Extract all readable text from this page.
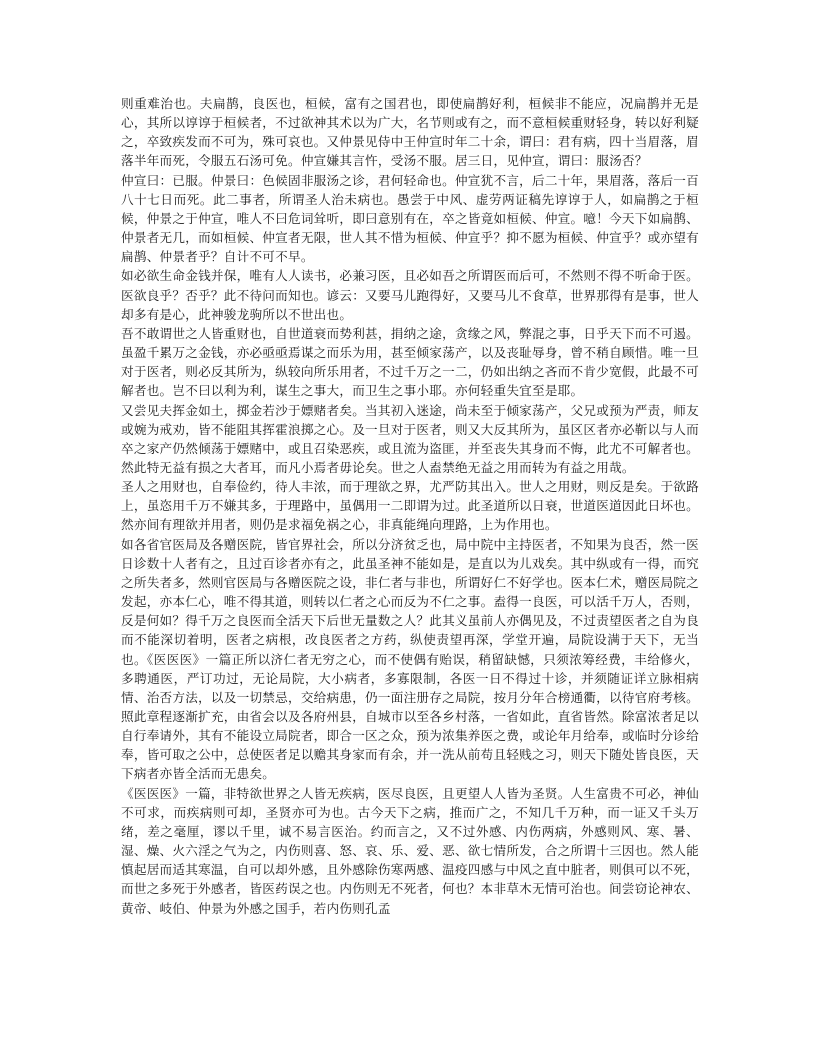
则重难治也。夫扁鹊，良医也，桓候，富有之国君也，即使扁鹊好利，桓候非不能应，况扁鹊并无是心，其所以谆谆于桓候者，不过欲神其术以为广大，名节则或有之，而不意桓候重财轻身，转以好利疑之，卒致疾发而不可为，殊可哀也。又仲景见侍中王仲宣时年二十余，谓曰：君有病，四十当眉落，眉落半年而死，令服五石汤可免。仲宣嫌其言忤，受汤不服。居三日，见仲宣，谓曰：服汤否？

仲宣曰：已服。仲景曰：色候固非服汤之诊，君何轻命也。仲宣犹不言，后二十年，果眉落，落后一百八十七日而死。此二事者，所谓圣人治未病也。愚尝于中风、虚劳两证稿先谆谆于人，如扁鹊之于桓候，仲景之于仲宣，唯人不曰危词耸听，即曰意别有在，卒之皆竟如桓候、仲宣。噫！今天下如扁鹊、仲景者无几，而如桓候、仲宣者无限，世人其不惜为桓候、仲宣乎？抑不愿为桓候、仲宣乎？或亦望有扁鹊、仲景者乎？自计不可不早。

如必欲生命金钱并保，唯有人人读书，必兼习医，且必如吾之所谓医而后可，不然则不得不听命于医。医欲良乎？否乎？此不待问而知也。谚云：又要马儿跑得好，又要马儿不食草，世界那得有是事，世人却多有是心，此神骏龙驹所以不世出也。

吾不敢谓世之人皆重财也，自世道衰而势利甚，捐纳之途，贪缘之风，弊混之事，日乎天下而不可遏。虽盈千累万之金钱，亦必亟亟焉谋之而乐为用，甚至倾家荡产，以及丧耻辱身，曾不稍自顾惜。唯一旦对于医者，则必反其所为，纵较向所乐用者，不过千万之一二，仍如出纳之吝而不肯少宽假，此最不可解者也。岂不曰以利为利，谋生之事大，而卫生之事小耶。亦何轻重失宜至是耶。

又尝见夫挥金如土，掷金若沙于嫖赌者矣。当其初入迷途，尚未至于倾家荡产，父兄或预为严责，师友或婉为戒劝，皆不能阻其挥霍浪掷之心。及一旦对于医者，则又大反其所为，虽区区者亦必靳以与人而卒之家产仍然倾荡于嫖赌中，或且召染恶疾，或且流为盗匪，并至丧失其身而不悔，此尤不可解者也。然此特无益有损之大者耳，而凡小焉者毋论矣。世之人盍禁绝无益之用而转为有益之用哉。

圣人之用财也，自奉俭约，待人丰浓，而于理欲之界，尤严防其出入。世人之用财，则反是矣。于欲路上，虽恣用千万不嫌其多，于理路中，虽偶用一二即谓为过。此圣道所以日衰，世道医道因此日坏也。然亦间有理欲并用者，则仍是求福免祸之心，非真能绳向理路，上为作用也。

如各省官医局及各赠医院，皆官界社会，所以分济贫乏也，局中院中主持医者，不知果为良否，然一医日诊数十人者有之，且过百诊者亦有之，此虽圣神不能如是，是直以为儿戏矣。其中纵或有一得，而究之所失者多，然则官医局与各赠医院之设，非仁者与非也，所谓好仁不好学也。医本仁术，赠医局院之发起，亦本仁心，唯不得其道，则转以仁者之心而反为不仁之事。盍得一良医，可以活千万人，否则，反是何如？得千万之良医而全活天下后世无量数之人？此其义虽前人亦偶见及，不过责望医者之自为良而不能深切着明，医者之病根，改良医者之方药，纵使责望再深，学堂开遍，局院设满于天下，无当也。《医医医》一篇正所以济仁者无穷之心，而不使偶有贻误，稍留缺憾，只须浓筹经费，丰给修火，多聘通医，严订功过，无论局院，大小病者，多寡限制，各医一日不得过十诊，并须随证详立脉相病情、治否方法，以及一切禁忌，交给病患，仍一面注册存之局院，按月分年合榜通衢，以待官府考核。

照此章程逐渐扩充，由省会以及各府州县，自城市以至各乡村落，一省如此，直省皆然。除富浓者足以自行奉请外，其有不能设立局院者，即合一区之众，预为浓集养医之费，或论年月给奉，或临时分诊给奉，皆可取之公中，总使医者足以赡其身家而有余，并一洗从前苟且轻贱之习，则天下随处皆良医，天下病者亦皆全活而无患矣。

《医医医》一篇，非特欲世界之人皆无疾病，医尽良医，且更望人人皆为圣贤。人生富贵不可必，神仙不可求，而疾病则可却，圣贤亦可为也。古今天下之病，推而广之，不知几千万种，而一证又千头万绪，差之毫厘，谬以千里，诚不易言医治。约而言之，又不过外感、内伤两病，外感则风、寒、暑、湿、燥、火六淫之气为之，内伤则喜、怒、哀、乐、爱、恶、欲七情所发，合之所谓十三因也。然人能慎起居而适其寒温，自可以却外感，且外感除伤寒两感、温疫四感与中风之直中脏者，则俱可以不死，而世之多死于外感者，皆医药误之也。内伤则无不死者，何也？本非草木无情可治也。间尝窃论神农、黄帝、岐伯、仲景为外感之国手，若内伤则孔孟
